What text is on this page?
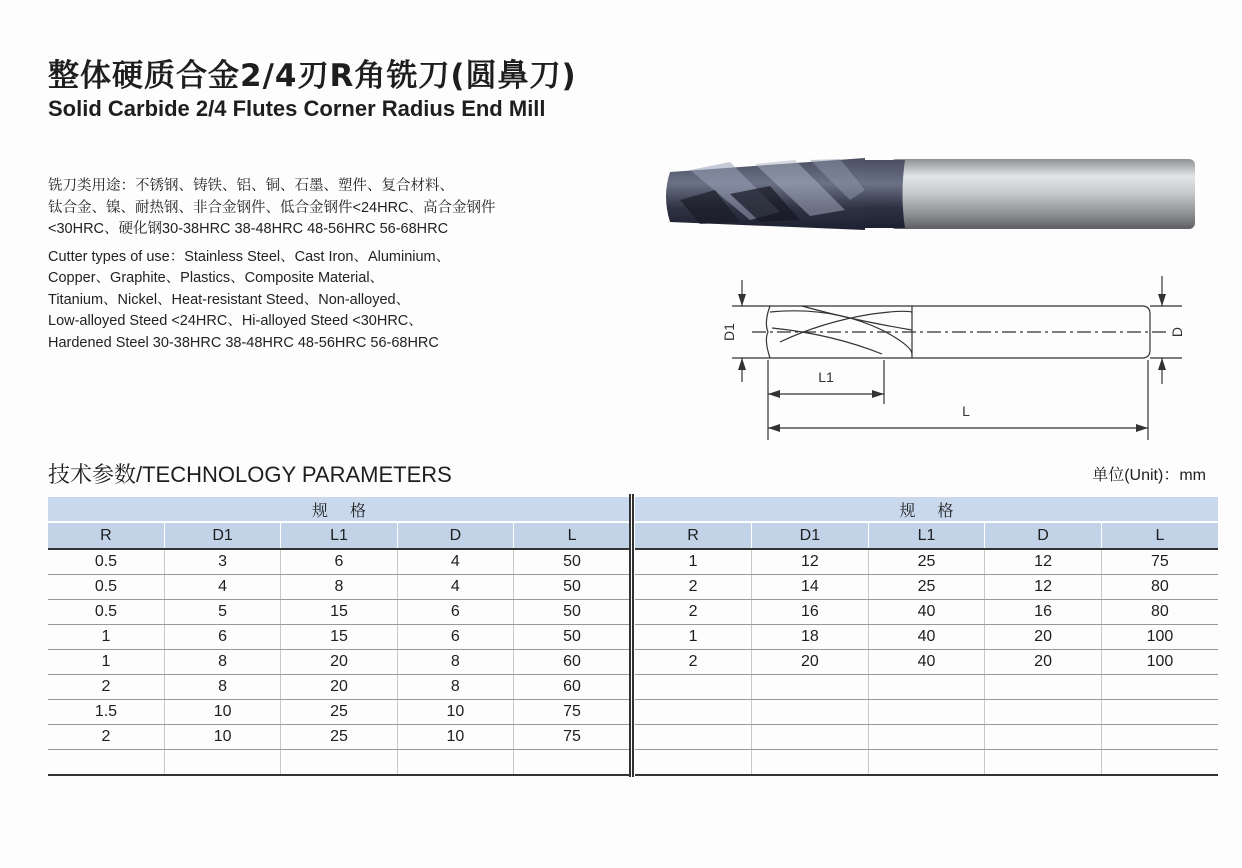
整体硬质合金2/4刃R角铣刀(圆鼻刀)
Solid Carbide 2/4 Flutes Corner Radius End Mill
铣刀类用途：不锈钢、铸铁、铝、铜、石墨、塑件、复合材料、
钛合金、镍、耐热钢、非合金钢件、低合金钢件<24HRC、高合金钢件
<30HRC、硬化钢30-38HRC 38-48HRC 48-56HRC 56-68HRC
Cutter types of use：Stainless Steel、Cast Iron、Aluminium、
Copper、Graphite、Plastics、Composite Material、
Titanium、Nickel、Heat-resistant Steed、Non-alloyed、
Low-alloyed Steed <24HRC、Hi-alloyed Steed <30HRC、
Hardened Steel 30-38HRC 38-48HRC 48-56HRC 56-68HRC
D1	D
L1
L
技术参数/TECHNOLOGY PARAMETERS	单位(Unit)：mm
规格				
R	D1	L1	D	L
0.5	3	6	4	50
0.5	4	8	4	50
0.5	5	15	6	50
1	6	15	6	50
1	8	20	8	60
2	8	20	8	60
1.5	10	25	10	75
2	10	25	10	75

规格				
R	D1	L1	D	L
1	12	25	12	75
2	14	25	12	80
2	16	40	16	80
1	18	40	20	100
2	20	40	20	100
